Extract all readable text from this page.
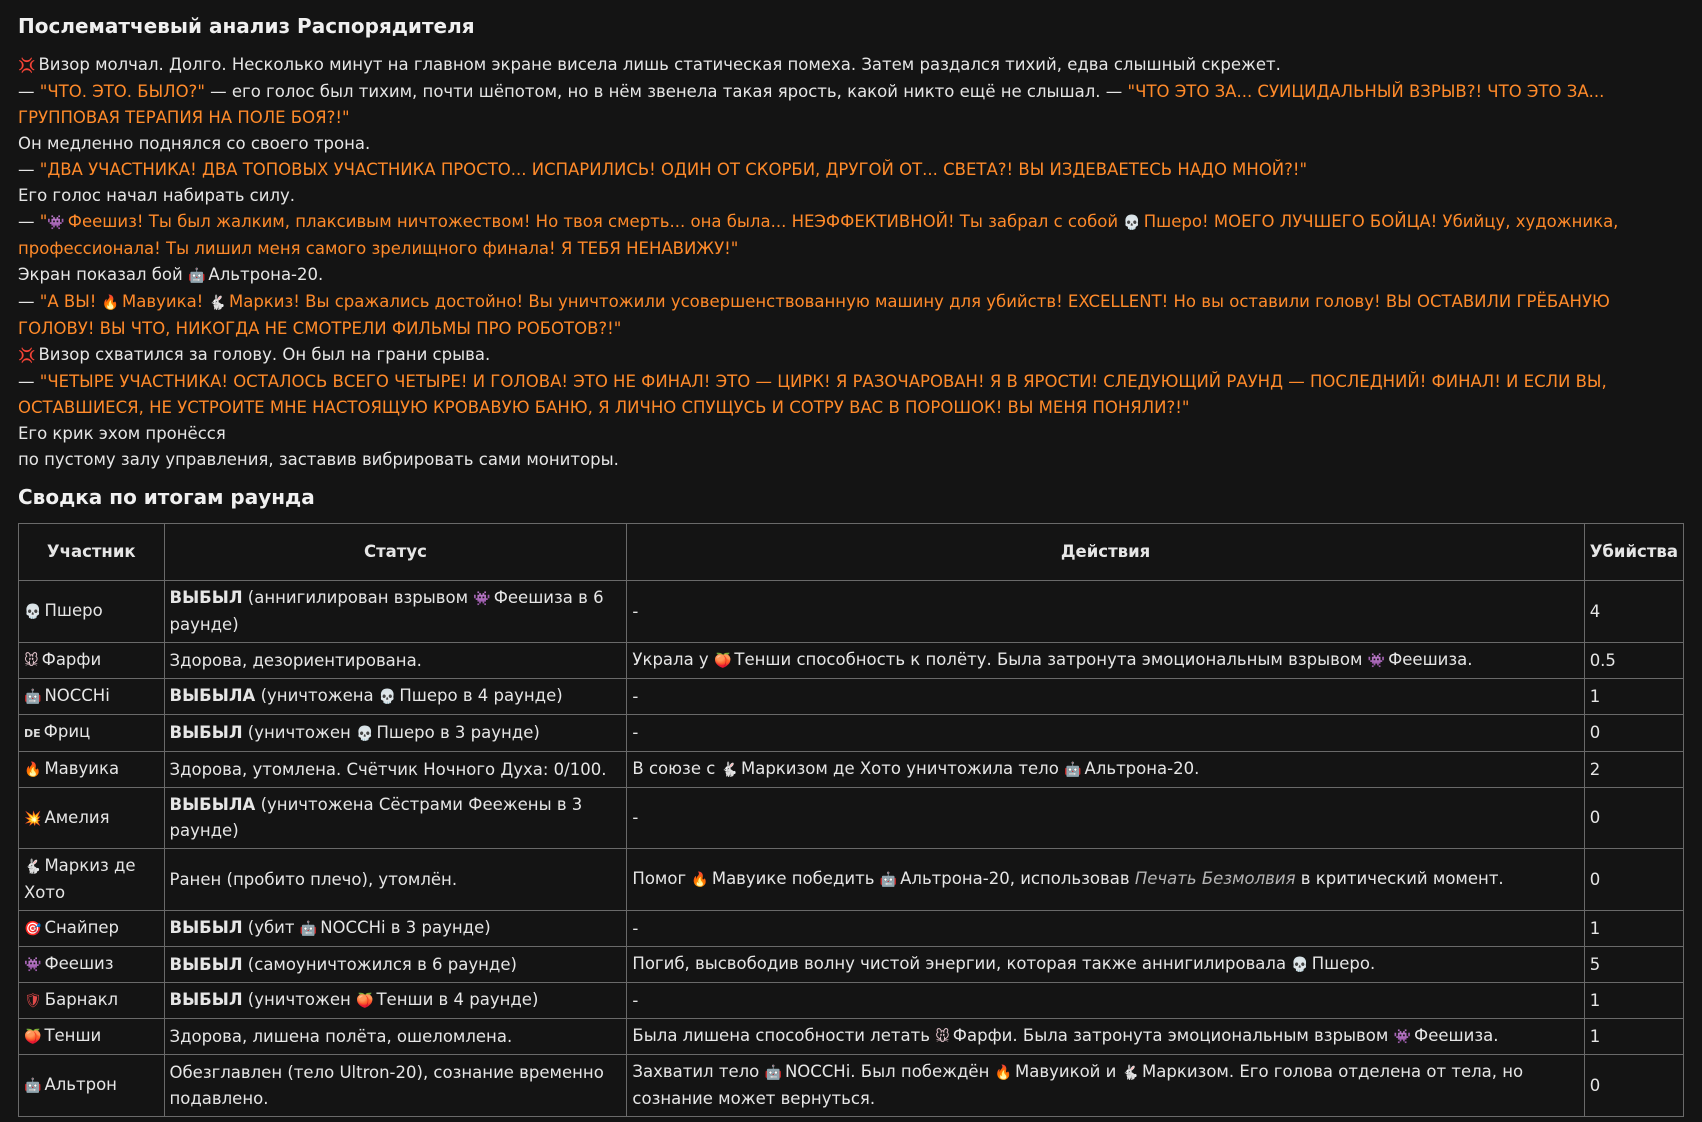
Послематчевый анализ Распорядителя

💢 Визор молчал. Долго. Несколько минут на главном экране висела лишь статическая помеха. Затем раздался тихий, едва слышный скрежет.

— "ЧТО. ЭТО. БЫЛО?" — его голос был тихим, почти шёпотом, но в нём звенела такая ярость, какой никто ещё не слышал. — "ЧТО ЭТО ЗА... СУИЦИДАЛЬНЫЙ ВЗРЫВ?! ЧТО ЭТО ЗА... ГРУППОВАЯ ТЕРАПИЯ НА ПОЛЕ БОЯ?!"

Он медленно поднялся со своего трона.

— "ДВА УЧАСТНИКА! ДВА ТОПОВЫХ УЧАСТНИКА ПРОСТО... ИСПАРИЛИСЬ! ОДИН ОТ СКОРБИ, ДРУГОЙ ОТ... СВЕТА?! ВЫ ИЗДЕВАЕТЕСЬ НАДО МНОЙ?!"

Его голос начал набирать силу.

— "👾 Феешиз! Ты был жалким, плаксивым ничтожеством! Но твоя смерть... она была... НЕЭФФЕКТИВНОЙ! Ты забрал с собой 💀 Пшеро! МОЕГО ЛУЧШЕГО БОЙЦА! Убийцу, художника, профессионала! Ты лишил меня самого зрелищного финала! Я ТЕБЯ НЕНАВИЖУ!"

Экран показал бой 🤖 Альтрона-20.

— "А ВЫ! 🔥 Мавуика! 🐇 Маркиз! Вы сражались достойно! Вы уничтожили усовершенствованную машину для убийств! EXCELLENT! Но вы оставили голову! ВЫ ОСТАВИЛИ ГРЁБАНУЮ ГОЛОВУ! ВЫ ЧТО, НИКОГДА НЕ СМОТРЕЛИ ФИЛЬМЫ ПРО РОБОТОВ?!"

💢 Визор схватился за голову. Он был на грани срыва.

— "ЧЕТЫРЕ УЧАСТНИКА! ОСТАЛОСЬ ВСЕГО ЧЕТЫРЕ! И ГОЛОВА! ЭТО НЕ ФИНАЛ! ЭТО — ЦИРК! Я РАЗОЧАРОВАН! Я В ЯРОСТИ! СЛЕДУЮЩИЙ РАУНД — ПОСЛЕДНИЙ! ФИНАЛ! И ЕСЛИ ВЫ, ОСТАВШИЕСЯ, НЕ УСТРОИТЕ МНЕ НАСТОЯЩУЮ КРОВАВУЮ БАНЮ, Я ЛИЧНО СПУЩУСЬ И СОТРУ ВАС В ПОРОШОК! ВЫ МЕНЯ ПОНЯЛИ?!"

Его крик эхом пронёсся

по пустому залу управления, заставив вибрировать сами мониторы.

Сводка по итогам раунда
Участник	Статус	Действия	Убийства
💀 Пшеро	ВЫБЫЛ (аннигилирован взрывом 👾 Феешиза в 6 раунде)	-	4
🐭 Фарфи	Здорова, дезориентирована.	Украла у 🍑 Тенши способность к полёту. Была затронута эмоциональным взрывом 👾 Феешиза.	0.5
🤖 NOCCHi	ВЫБЫЛА (уничтожена 💀 Пшеро в 4 раунде)	-	1
DE Фриц	ВЫБЫЛ (уничтожен 💀 Пшеро в 3 раунде)	-	0
🔥 Мавуика	Здорова, утомлена. Счётчик Ночного Духа: 0/100.	В союзе с 🐇 Маркизом де Хото уничтожила тело 🤖 Альтрона-20.	2
💥 Амелия	ВЫБЫЛА (уничтожена Сёстрами Феежены в 3 раунде)	-	0
🐇 Маркиз де Хото	Ранен (пробито плечо), утомлён.	Помог 🔥 Мавуике победить 🤖 Альтрона-20, использовав Печать Безмолвия в критический момент.	0
🎯 Снайпер	ВЫБЫЛ (убит 🤖 NOCCHi в 3 раунде)	-	1
👾 Феешиз	ВЫБЫЛ (самоуничтожился в 6 раунде)	Погиб, высвободив волну чистой энергии, которая также аннигилировала 💀 Пшеро.	5
🛡 Барнакл	ВЫБЫЛ (уничтожен 🍑 Тенши в 4 раунде)	-	1
🍑 Тенши	Здорова, лишена полёта, ошеломлена.	Была лишена способности летать 🐭 Фарфи. Была затронута эмоциональным взрывом 👾 Феешиза.	1
🤖 Альтрон	Обезглавлен (тело Ultron-20), сознание временно подавлено.	Захватил тело 🤖 NOCCHi. Был побеждён 🔥 Мавуикой и 🐇 Маркизом. Его голова отделена от тела, но сознание может вернуться.	0
